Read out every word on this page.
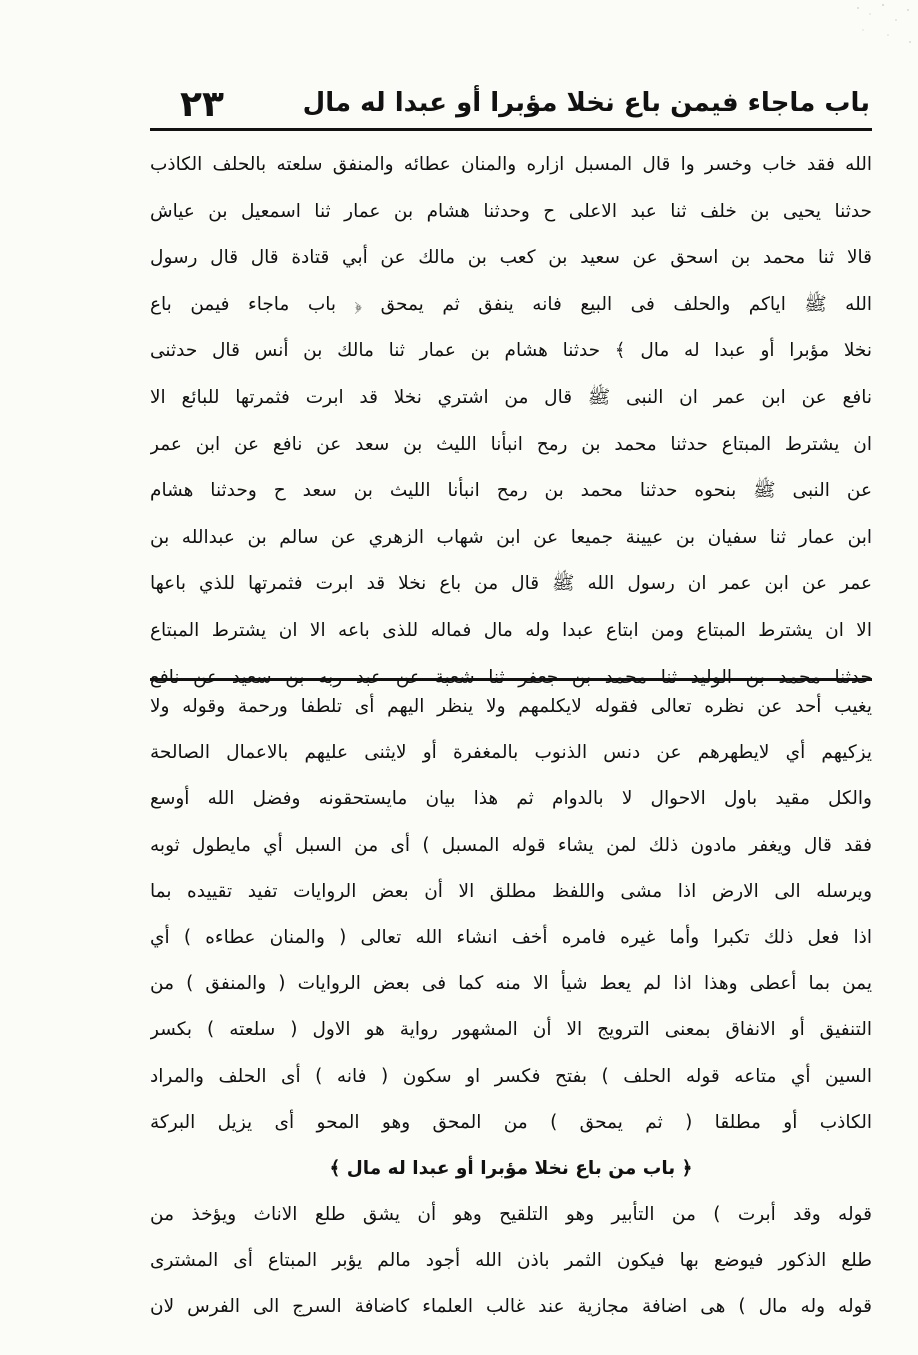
باب ماجاء فيمن باع نخلا مؤبرا أو عبدا له مال
٢٣
الله فقد خاب وخسر وا قال المسبل ازاره والمنان عطائه والمنفق سلعته بالحلف الكاذب
حدثنا يحيى بن خلف ثنا عبد الاعلى ح وحدثنا هشام بن عمار ثنا اسمعيل بن عياش
قالا ثنا محمد بن اسحق عن سعيد بن كعب بن مالك عن أبي قتادة قال قال رسول
الله ﷺ اياكم والحلف فى البيع فانه ينفق ثم يمحق ﴿ باب ماجاء فيمن باع
نخلا مؤبرا أو عبدا له مال ﴾ حدثنا هشام بن عمار ثنا مالك بن أنس قال حدثنى
نافع عن ابن عمر ان النبى ﷺ قال من اشتري نخلا قد ابرت فثمرتها للبائع الا
ان يشترط المبتاع حدثنا محمد بن رمح انبأنا الليث بن سعد عن نافع عن ابن عمر
عن النبى ﷺ بنحوه حدثنا محمد بن رمح انبأنا الليث بن سعد ح وحدثنا هشام
ابن عمار ثنا سفيان بن عيينة جميعا عن ابن شهاب الزهري عن سالم بن عبدالله بن
عمر عن ابن عمر ان رسول الله ﷺ قال من باع نخلا قد ابرت فثمرتها للذي باعها
الا ان يشترط المبتاع ومن ابتاع عبدا وله مال فماله للذى باعه الا ان يشترط المبتاع
يغيب أحد عن نظره تعالى فقوله لايكلمهم ولا ينظر اليهم أى تلطفا ورحمة وقوله ولا
يزكيهم أي لايطهرهم عن دنس الذنوب بالمغفرة أو لايثنى عليهم بالاعمال الصالحة
والكل مقيد باول الاحوال لا بالدوام ثم هذا بيان مايستحقونه وفضل الله أوسع
فقد قال ويغفر مادون ذلك لمن يشاء قوله المسبل ) أى من السبل أي مايطول ثوبه
ويرسله الى الارض اذا مشى واللفظ مطلق الا أن بعض الروايات تفيد تقييده بما
اذا فعل ذلك تكبرا وأما غيره فامره أخف انشاء الله تعالى ( والمنان عطاءه ) أي
يمن بما أعطى وهذا اذا لم يعط شيأ الا منه كما فى بعض الروايات ( والمنفق ) من
التنفيق أو الانفاق بمعنى الترويج الا أن المشهور رواية هو الاول ( سلعته ) بكسر
السين أي متاعه قوله الحلف ) بفتح فكسر او سكون ( فانه ) أى الحلف والمراد
الكاذب أو مطلقا ( ثم يمحق ) من المحق وهو المحو أى يزيل البركة
﴿ باب من باع نخلا مؤبرا أو عبدا له مال ﴾
قوله وقد أبرت ) من التأبير وهو التلقيح وهو أن يشق طلع الاناث ويؤخذ من
طلع الذكور فيوضع بها فيكون الثمر باذن الله أجود مالم يؤبر المبتاع أى المشترى
قوله وله مال ) هى اضافة مجازية عند غالب العلماء كاضافة السرج الى الفرس لان
